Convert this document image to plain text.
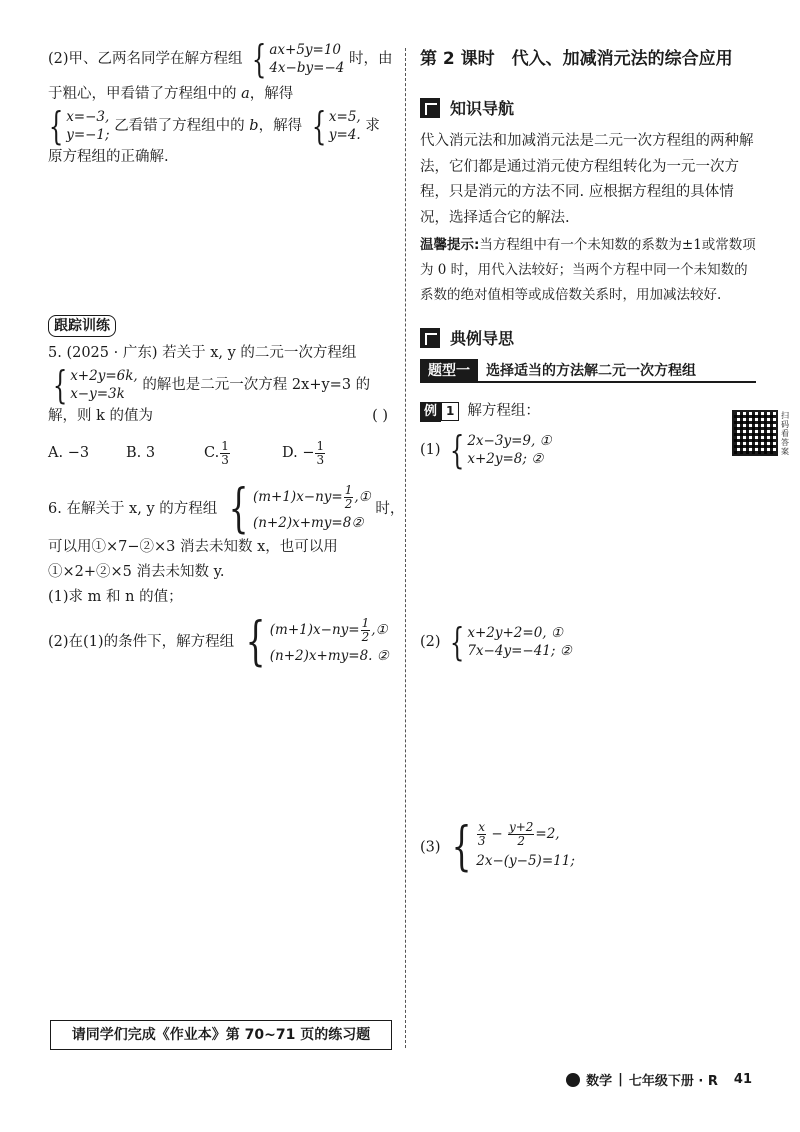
(2)甲、乙两名同学在解方程组 { ax+5y=10
4x−by=−4
时，由
于粗心，甲看错了方程组中的 a，解得
{ x=−3,
y=−1;
乙看错了方程组中的 b，解得 { x=5,
y=4.
求
原方程组的正确解.
跟踪训练
5. (2025 · 广东) 若关于 x, y 的二元一次方程组
{ x+2y=6k,
x−y=3k
的解也是二元一次方程 2x+y=3 的
解，则 k 的值为	( )
A. −3	B. 3	C. $\frac{1}{3}$	D. − $\frac{1}{3}$
6. 在解关于 x, y 的方程组 { $(m+1)x-ny= \frac{1}{2}$ ,①
(n+2)x+my=8②
时，
可以用①×7−②×3 消去未知数 x，也可以用
①×2+②×5 消去未知数 y.
(1)求 m 和 n 的值；
(2)在(1)的条件下，解方程组 { $(m+1)x-ny= \frac{1}{2}$ ,①
(n+2)x+my=8. ②
请同学们完成《作业本》第 70~71 页的练习题
第 2 课时　代入、加减消元法的综合应用
知识导航
代入消元法和加减消元法是二元一次方程组的两种解法，它们都是通过消元使方程组转化为一元一次方程，只是消元的方法不同. 应根据方程组的具体情况，选择适合它的解法.
温馨提示:当方程组中有一个未知数的系数为±1或常数项为 0 时，用代入法较好；当两个方程中同一个未知数的系数的绝对值相等或成倍数关系时，用加减法较好.
典例导思
题型一	选择适当的方法解二元一次方程组
例 1 解方程组：
(1) { 2x−3y=9, ①
x+2y=8; ②
(2) { x+2y+2=0, ①
7x−4y=−41; ②
(3) { $\frac{x}{3} - \frac{y+2}{2} =2$,
2x−(y−5)=11;
扫码看答案
数学 | 七年级下册 · R 41
